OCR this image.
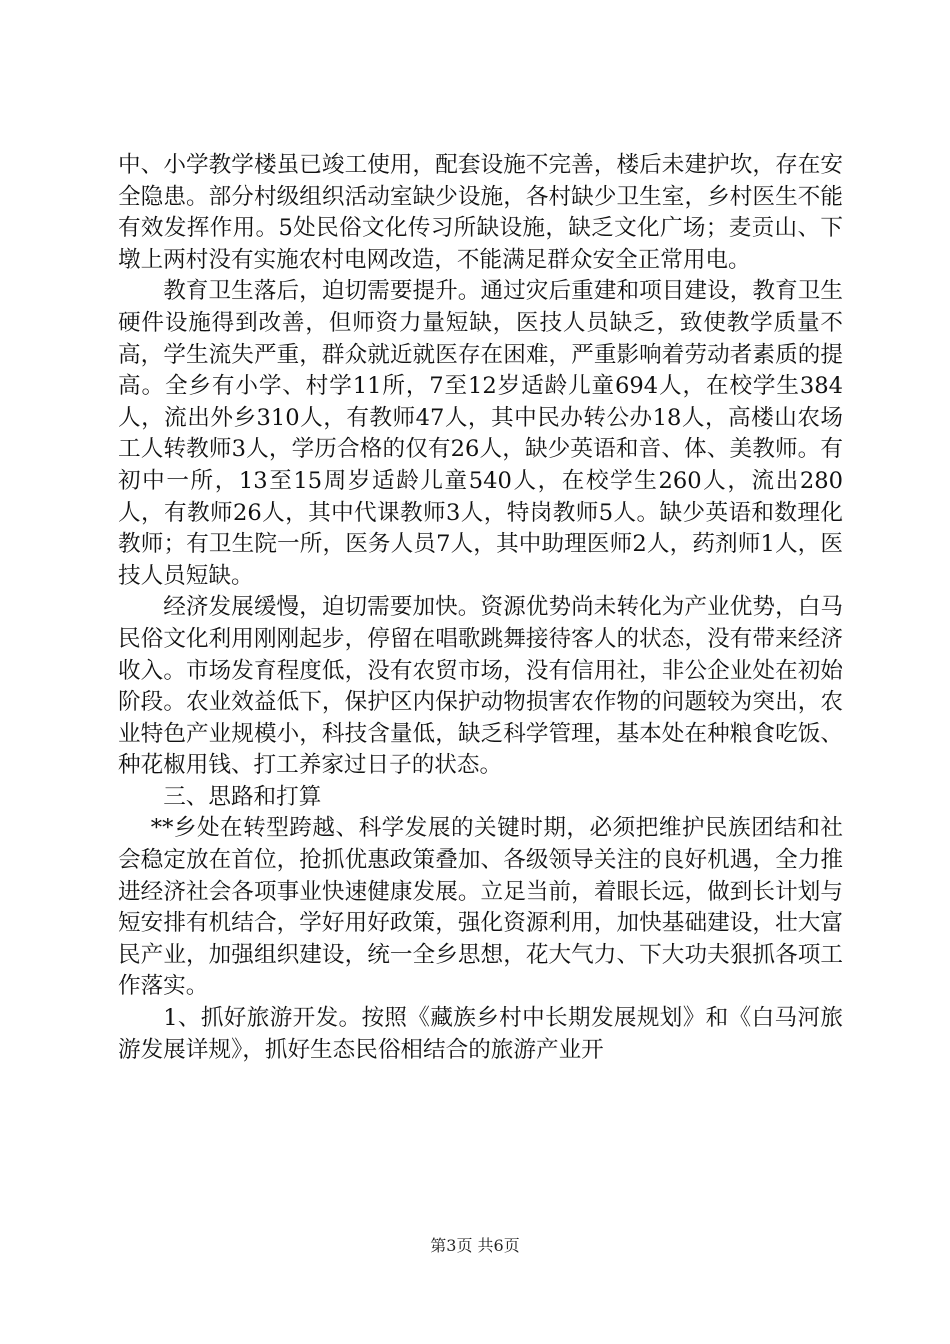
中、小学教学楼虽已竣工使用，配套设施不完善，楼后未建护坎，存在安全隐患。部分村级组织活动室缺少设施，各村缺少卫生室，乡村医生不能有效发挥作用。5处民俗文化传习所缺设施，缺乏文化广场；麦贡山、下墩上两村没有实施农村电网改造，不能满足群众安全正常用电。

教育卫生落后，迫切需要提升。通过灾后重建和项目建设，教育卫生硬件设施得到改善，但师资力量短缺，医技人员缺乏，致使教学质量不高，学生流失严重，群众就近就医存在困难，严重影响着劳动者素质的提高。全乡有小学、村学11所，7至12岁适龄儿童694人，在校学生384人，流出外乡310人，有教师47人，其中民办转公办18人，高楼山农场工人转教师3人，学历合格的仅有26人，缺少英语和音、体、美教师。有初中一所，13至15周岁适龄儿童540人，在校学生260人，流出280人，有教师26人，其中代课教师3人，特岗教师5人。缺少英语和数理化教师；有卫生院一所，医务人员7人，其中助理医师2人，药剂师1人，医技人员短缺。

经济发展缓慢，迫切需要加快。资源优势尚未转化为产业优势，白马民俗文化利用刚刚起步，停留在唱歌跳舞接待客人的状态，没有带来经济收入。市场发育程度低，没有农贸市场，没有信用社，非公企业处在初始阶段。农业效益低下，保护区内保护动物损害农作物的问题较为突出，农业特色产业规模小，科技含量低，缺乏科学管理，基本处在种粮食吃饭、种花椒用钱、打工养家过日子的状态。

三、思路和打算

**乡处在转型跨越、科学发展的关键时期，必须把维护民族团结和社会稳定放在首位，抢抓优惠政策叠加、各级领导关注的良好机遇，全力推进经济社会各项事业快速健康发展。立足当前，着眼长远，做到长计划与短安排有机结合，学好用好政策，强化资源利用，加快基础建设，壮大富民产业，加强组织建设，统一全乡思想，花大气力、下大功夫狠抓各项工作落实。

1、抓好旅游开发。按照《藏族乡村中长期发展规划》和《白马河旅游发展详规》，抓好生态民俗相结合的旅游产业开

第3页 共6页
